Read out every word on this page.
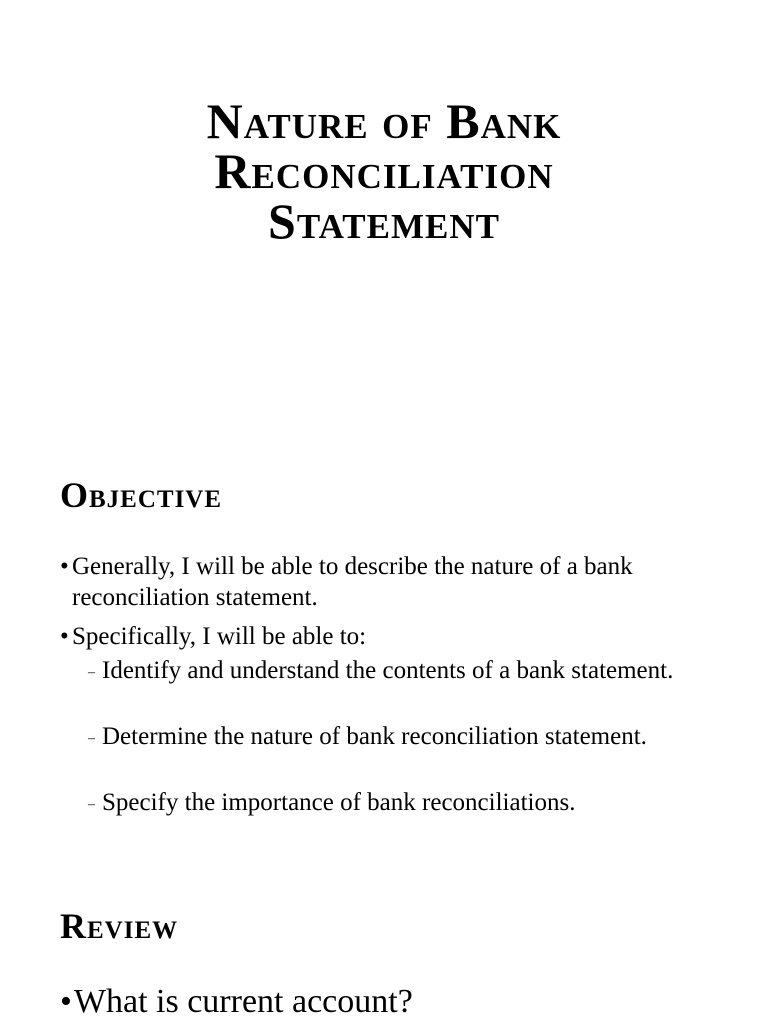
Nature of Bank
Reconciliation
Statement
Objective
• Generally, I will be able to describe the nature of a bank reconciliation statement.
• Specifically, I will be able to:
– Identify and understand the contents of a bank statement.
– Determine the nature of bank reconciliation statement.
– Specify the importance of bank reconciliations.
Review
•What is current account?
